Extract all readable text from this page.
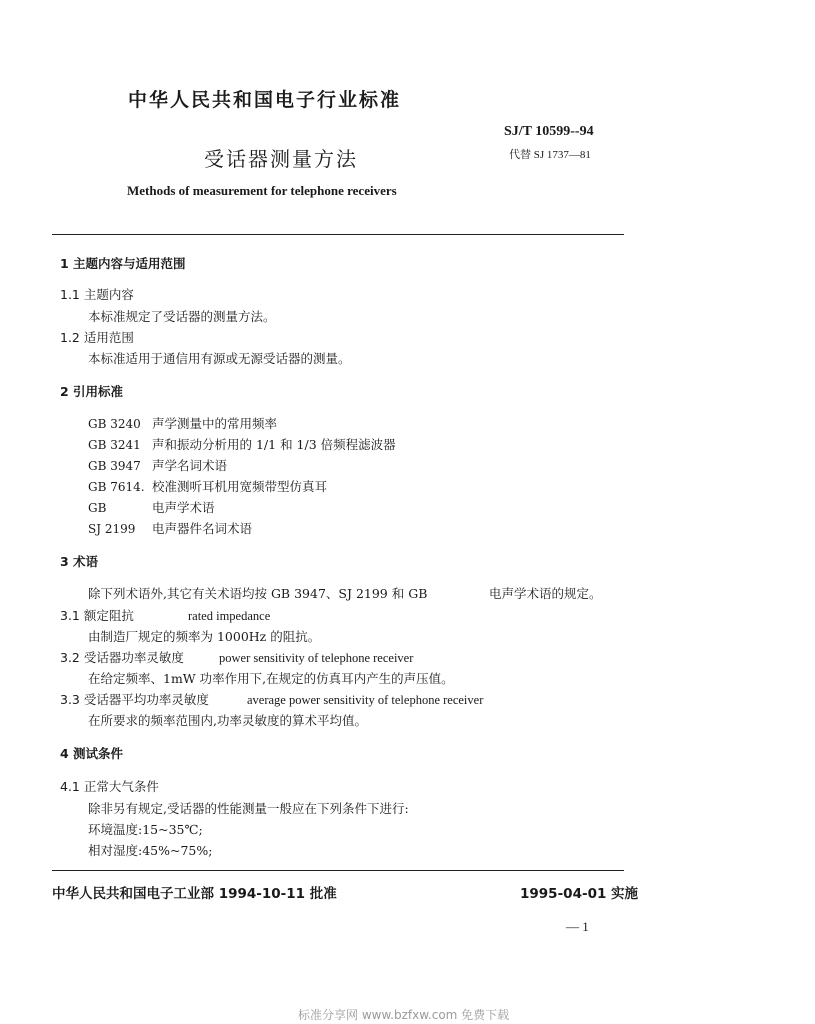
中华人民共和国电子行业标准
SJ/T 10599--94
代替 SJ 1737—81
受话器测量方法
Methods of measurement for telephone receivers
1 主题内容与适用范围
1.1 主题内容
本标准规定了受话器的测量方法。
1.2 适用范围
本标准适用于通信用有源或无源受话器的测量。
2 引用标准
GB 3240 声学测量中的常用频率
GB 3241 声和振动分析用的 1/1 和 1/3 倍频程滤波器
GB 3947 声学名词术语
GB 7614. 校准测听耳机用宽频带型仿真耳
GB	电声学术语
SJ 2199	电声器件名词术语
3 术语
除下列术语外,其它有关术语均按 GB 3947、SJ 2199 和 GB	电声学术语的规定。
3.1 额定阻抗	rated impedance
由制造厂规定的频率为 1000Hz 的阻抗。
3.2 受话器功率灵敏度	power sensitivity of telephone receiver
在给定频率、1mW 功率作用下,在规定的仿真耳内产生的声压值。
3.3 受话器平均功率灵敏度	average power sensitivity of telephone receiver
在所要求的频率范围内,功率灵敏度的算术平均值。
4 测试条件
4.1 正常大气条件
除非另有规定,受话器的性能测量一般应在下列条件下进行:
环境温度:15~35℃;
相对湿度:45%~75%;
中华人民共和国电子工业部 1994-10-11 批准	1995-04-01 实施
— 1
标准分享网 www.bzfxw.com 免费下载
